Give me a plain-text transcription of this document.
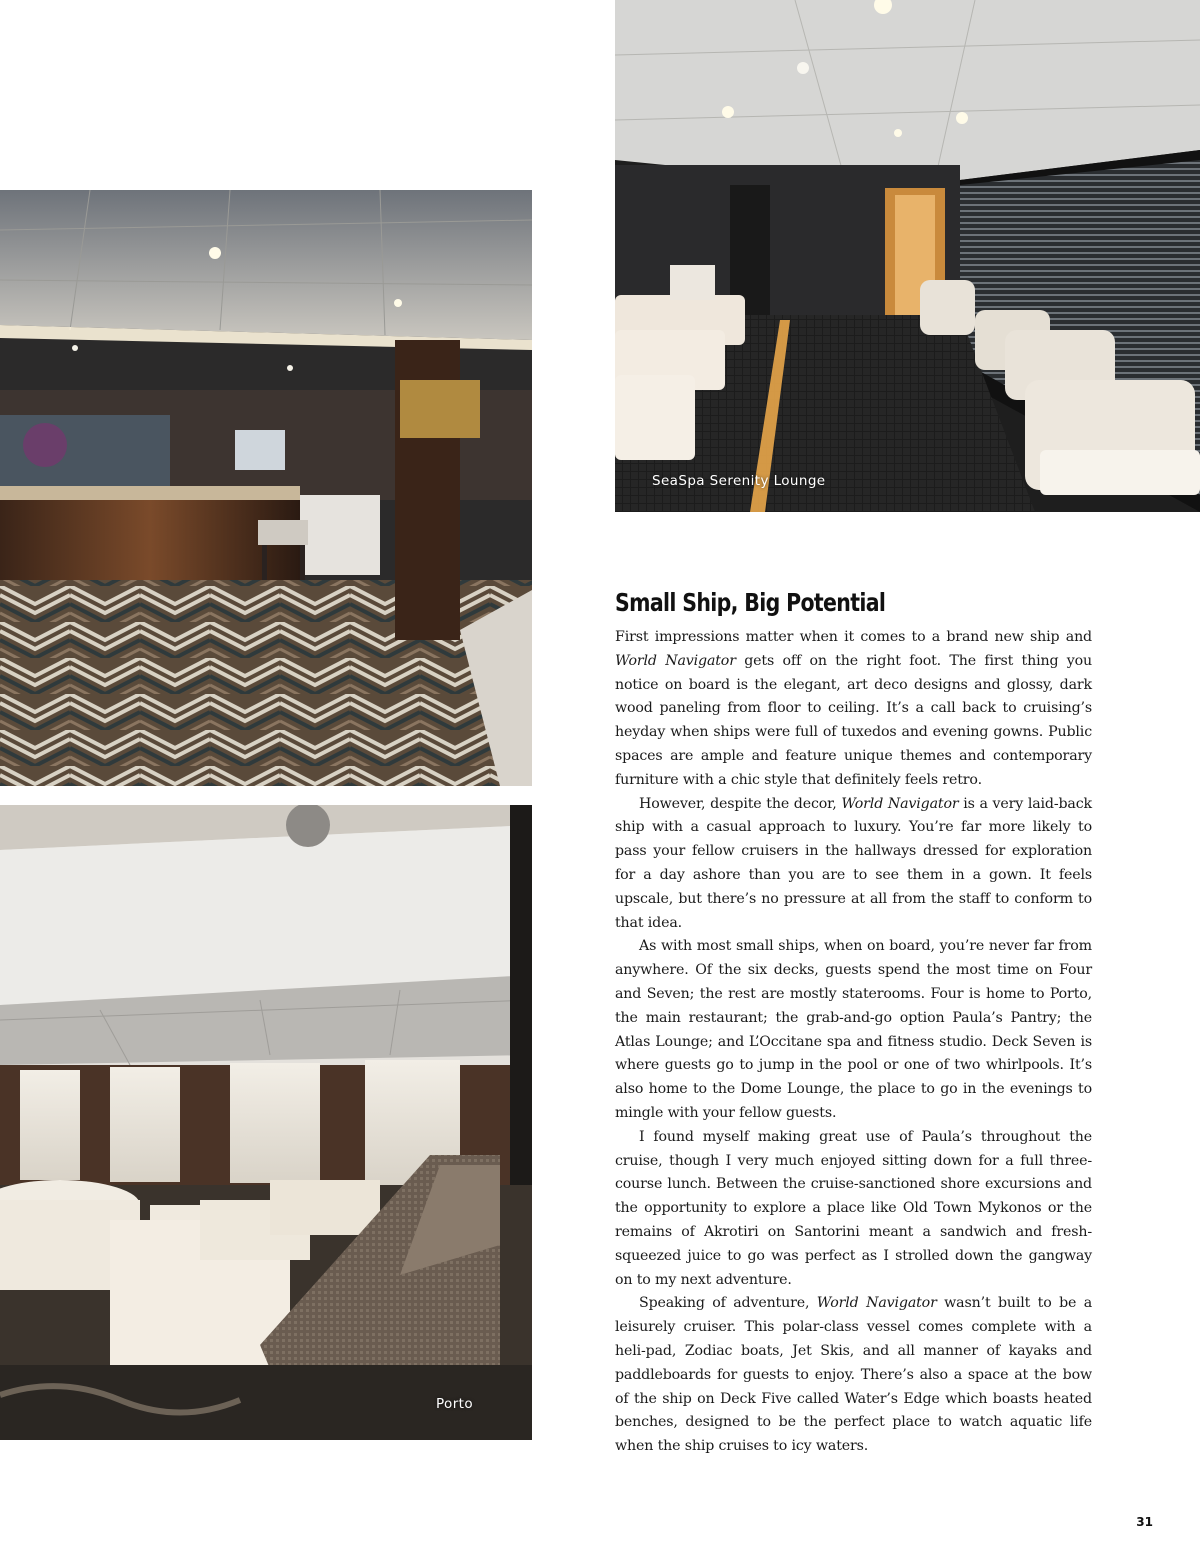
SeaSpa Serenity Lounge
Porto
Small Ship, Big Potential

First impressions matter when it comes to a brand new ship and World Navigator gets off on the right foot. The first thing you notice on board is the elegant, art deco designs and glossy, dark wood paneling from floor to ceiling. It’s a call back to cruising’s heyday when ships were full of tuxedos and evening gowns. Public spaces are ample and feature unique themes and contemporary furniture with a chic style that definitely feels retro.

However, despite the decor, World Navigator is a very laid-back ship with a casual approach to luxury. You’re far more likely to pass your fellow cruisers in the hallways dressed for exploration for a day ashore than you are to see them in a gown. It feels upscale, but there’s no pressure at all from the staff to conform to that idea.

As with most small ships, when on board, you’re never far from anywhere. Of the six decks, guests spend the most time on Four and Seven; the rest are mostly staterooms. Four is home to Porto, the main restaurant; the grab-and-go option Paula’s Pantry; the Atlas Lounge; and L’Occitane spa and fitness studio. Deck Seven is where guests go to jump in the pool or one of two whirlpools. It’s also home to the Dome Lounge, the place to go in the evenings to mingle with your fellow guests.

I found myself making great use of Paula’s throughout the cruise, though I very much enjoyed sitting down for a full three-course lunch. Between the cruise-sanctioned shore excursions and the opportunity to explore a place like Old Town Mykonos or the remains of Akrotiri on Santorini meant a sandwich and fresh-squeezed juice to go was perfect as I strolled down the gangway on to my next adventure.

Speaking of adventure, World Navigator wasn’t built to be a leisurely cruiser. This polar-class vessel comes complete with a heli-pad, Zodiac boats, Jet Skis, and all manner of kayaks and paddleboards for guests to enjoy. There’s also a space at the bow of the ship on Deck Five called Water’s Edge which boasts heated benches, designed to be the perfect place to watch aquatic life when the ship cruises to icy waters.

31
